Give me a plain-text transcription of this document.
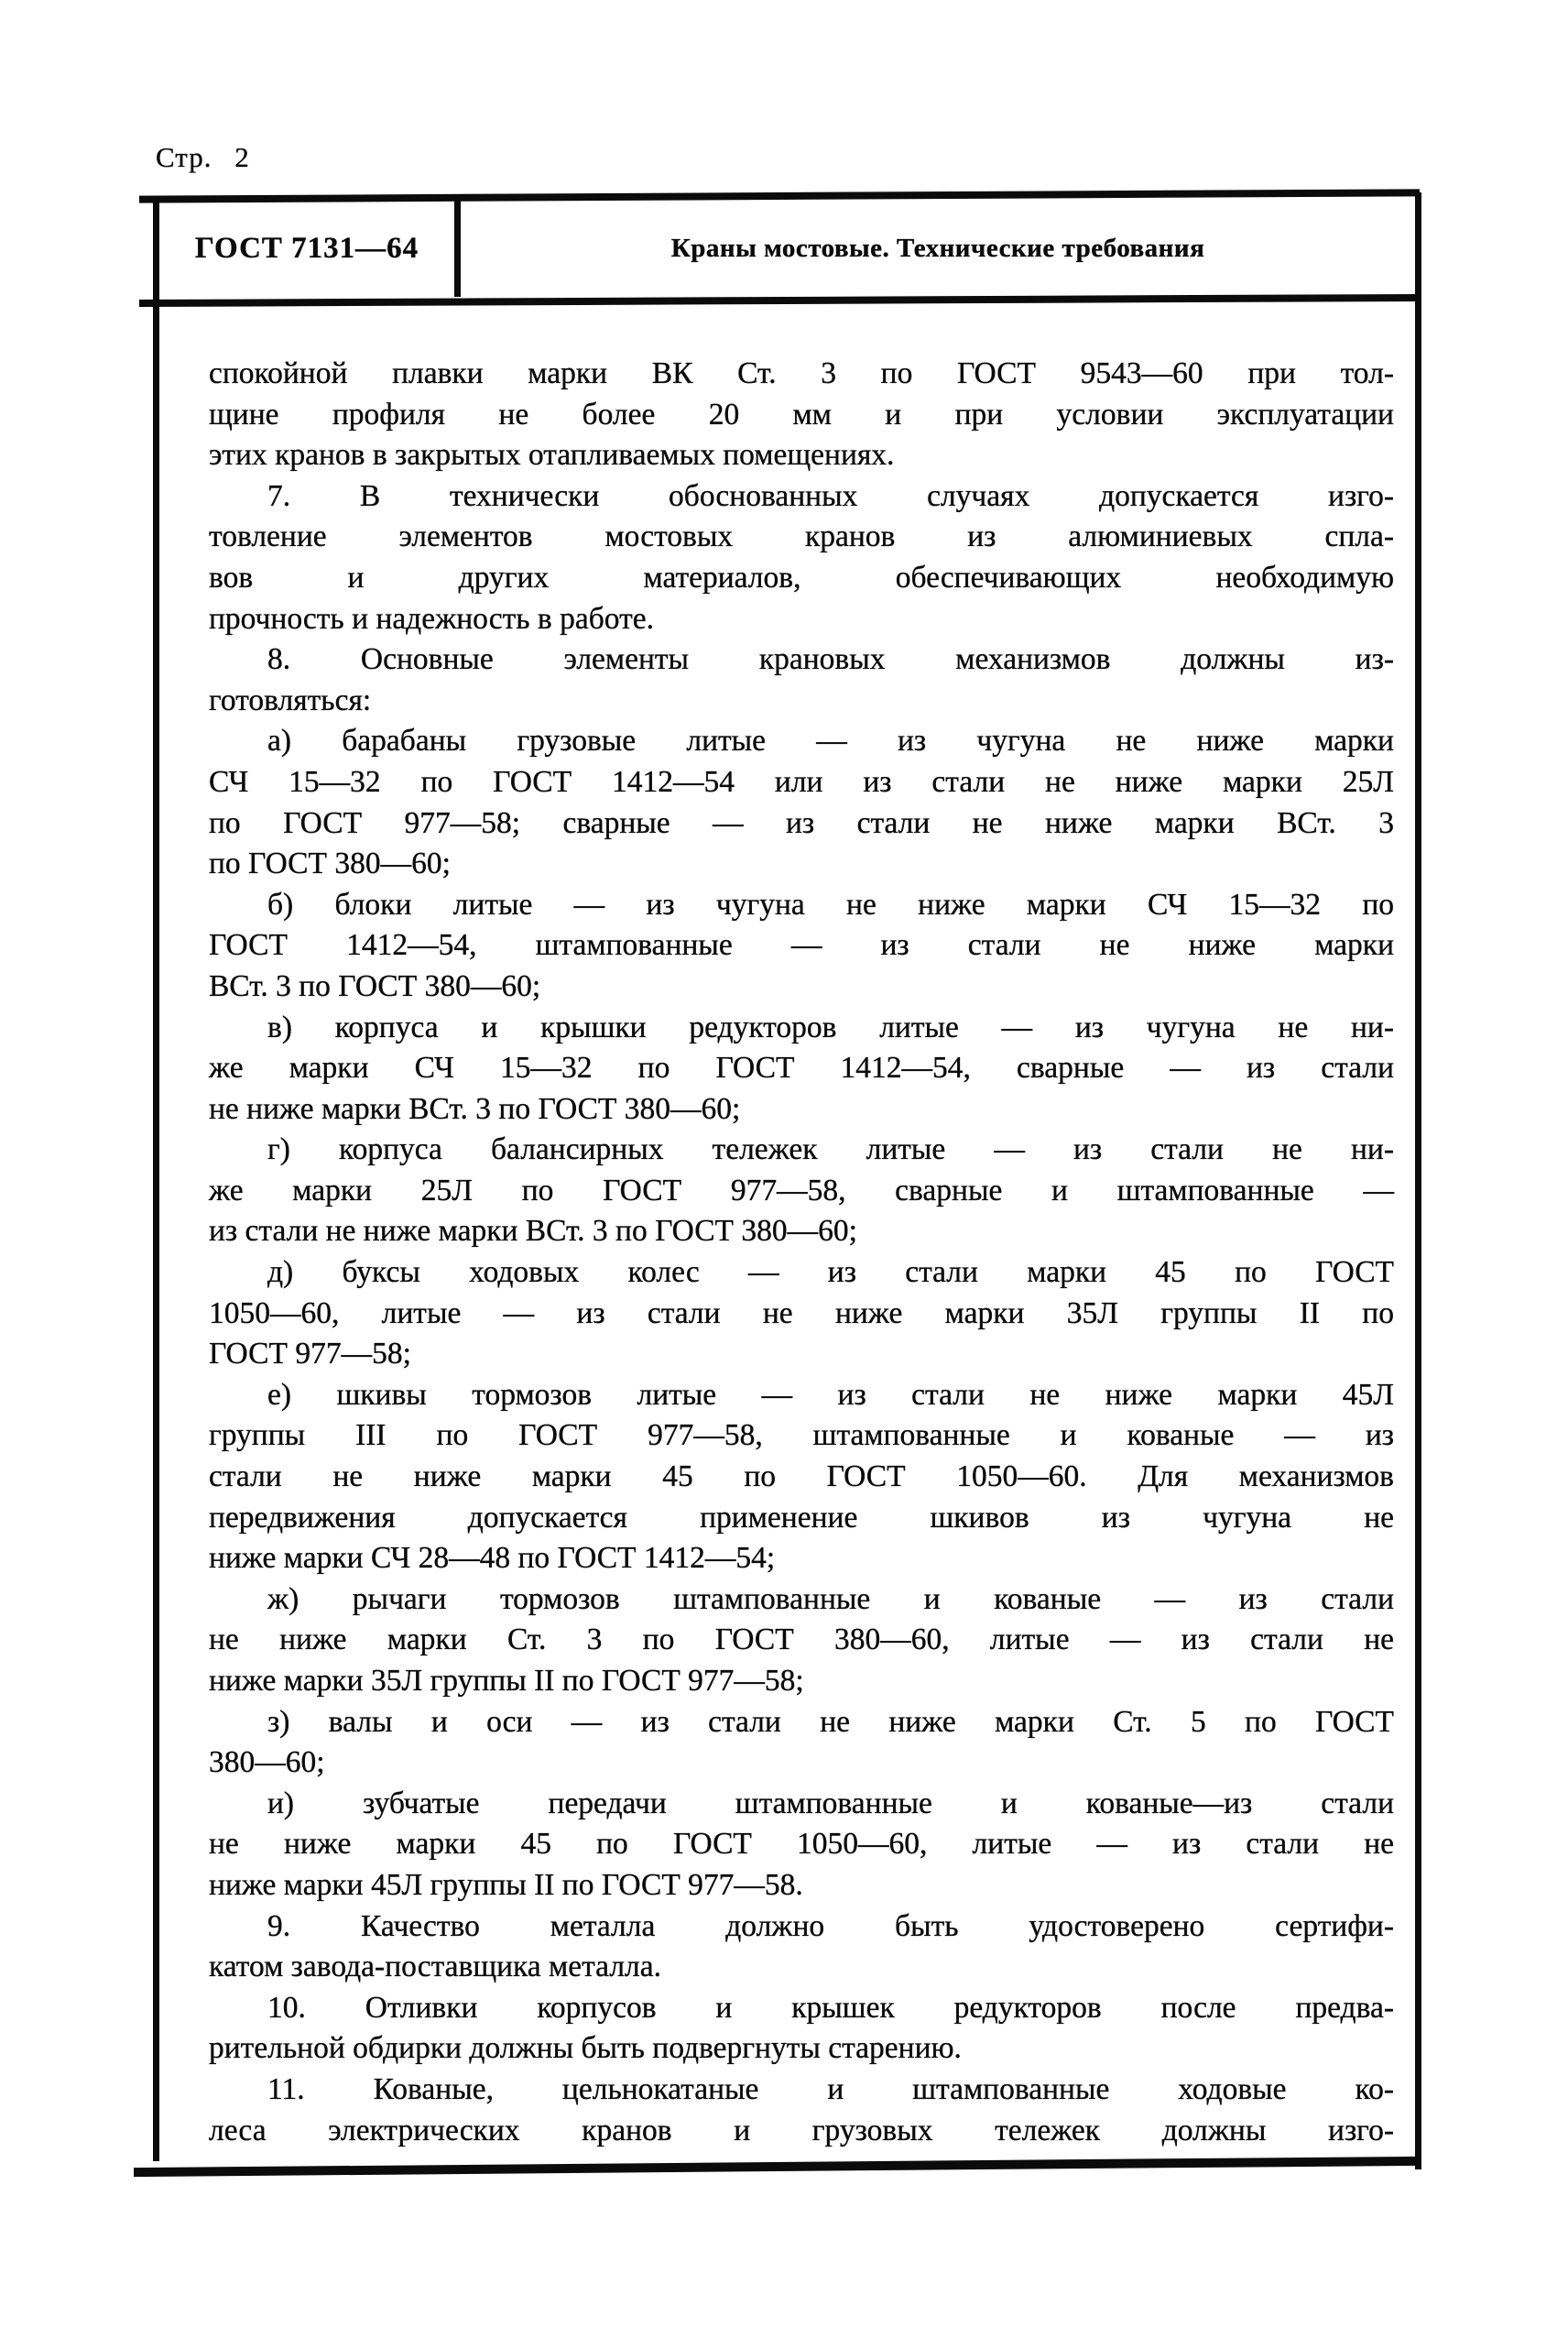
Стр. 2
ГОСТ 7131—64	Краны мостовые. Технические требования
спокойной плавки марки ВК Ст. 3 по ГОСТ 9543—60 при тол-
щине профиля не более 20 мм и при условии эксплуатации
этих кранов в закрытых отапливаемых помещениях.
7. В технически обоснованных случаях допускается изго-
товление элементов мостовых кранов из алюминиевых спла-
вов и других материалов, обеспечивающих необходимую
прочность и надежность в работе.
8. Основные элементы крановых механизмов должны из-
готовляться:
а) барабаны грузовые литые — из чугуна не ниже марки
СЧ 15—32 по ГОСТ 1412—54 или из стали не ниже марки 25Л
по ГОСТ 977—58; сварные — из стали не ниже марки ВСт. 3
по ГОСТ 380—60;
б) блоки литые — из чугуна не ниже марки СЧ 15—32 по
ГОСТ 1412—54, штампованные — из стали не ниже марки
ВСт. 3 по ГОСТ 380—60;
в) корпуса и крышки редукторов литые — из чугуна не ни-
же марки СЧ 15—32 по ГОСТ 1412—54, сварные — из стали
не ниже марки ВСт. 3 по ГОСТ 380—60;
г) корпуса балансирных тележек литые — из стали не ни-
же марки 25Л по ГОСТ 977—58, сварные и штампованные —
из стали не ниже марки ВСт. 3 по ГОСТ 380—60;
д) буксы ходовых колес — из стали марки 45 по ГОСТ
1050—60, литые — из стали не ниже марки 35Л группы II по
ГОСТ 977—58;
е) шкивы тормозов литые — из стали не ниже марки 45Л
группы III по ГОСТ 977—58, штампованные и кованые — из
стали не ниже марки 45 по ГОСТ 1050—60. Для механизмов
передвижения допускается применение шкивов из чугуна не
ниже марки СЧ 28—48 по ГОСТ 1412—54;
ж) рычаги тормозов штампованные и кованые — из стали
не ниже марки Ст. 3 по ГОСТ 380—60, литые — из стали не
ниже марки 35Л группы II по ГОСТ 977—58;
з) валы и оси — из стали не ниже марки Ст. 5 по ГОСТ
380—60;
и) зубчатые передачи штампованные и кованые—из стали
не ниже марки 45 по ГОСТ 1050—60, литые — из стали не
ниже марки 45Л группы II по ГОСТ 977—58.
9. Качество металла должно быть удостоверено сертифи-
катом завода-поставщика металла.
10. Отливки корпусов и крышек редукторов после предва-
рительной обдирки должны быть подвергнуты старению.
11. Кованые, цельнокатаные и штампованные ходовые ко-
леса электрических кранов и грузовых тележек должны изго-
